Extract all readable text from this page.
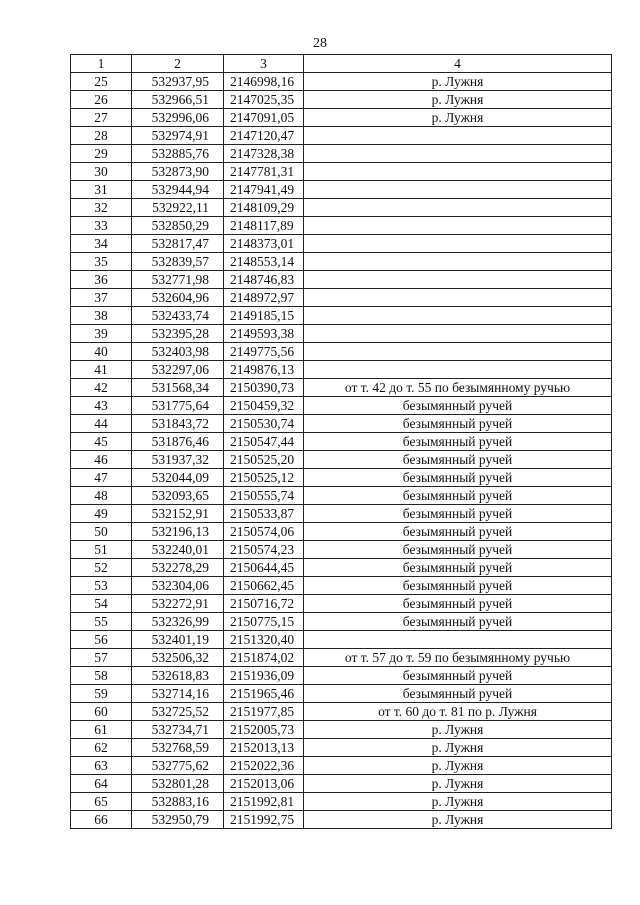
28
1	2	3	4
25	532937,95	2146998,16	р. Лужня
26	532966,51	2147025,35	р. Лужня
27	532996,06	2147091,05	р. Лужня
28	532974,91	2147120,47	
29	532885,76	2147328,38	
30	532873,90	2147781,31	
31	532944,94	2147941,49	
32	532922,11	2148109,29	
33	532850,29	2148117,89	
34	532817,47	2148373,01	
35	532839,57	2148553,14	
36	532771,98	2148746,83	
37	532604,96	2148972,97	
38	532433,74	2149185,15	
39	532395,28	2149593,38	
40	532403,98	2149775,56	
41	532297,06	2149876,13	
42	531568,34	2150390,73	от т. 42 до т. 55 по безымянному ручью
43	531775,64	2150459,32	безымянный ручей
44	531843,72	2150530,74	безымянный ручей
45	531876,46	2150547,44	безымянный ручей
46	531937,32	2150525,20	безымянный ручей
47	532044,09	2150525,12	безымянный ручей
48	532093,65	2150555,74	безымянный ручей
49	532152,91	2150533,87	безымянный ручей
50	532196,13	2150574,06	безымянный ручей
51	532240,01	2150574,23	безымянный ручей
52	532278,29	2150644,45	безымянный ручей
53	532304,06	2150662,45	безымянный ручей
54	532272,91	2150716,72	безымянный ручей
55	532326,99	2150775,15	безымянный ручей
56	532401,19	2151320,40	
57	532506,32	2151874,02	от т. 57 до т. 59 по безымянному ручью
58	532618,83	2151936,09	безымянный ручей
59	532714,16	2151965,46	безымянный ручей
60	532725,52	2151977,85	от т. 60 до т. 81 по р. Лужня
61	532734,71	2152005,73	р. Лужня
62	532768,59	2152013,13	р. Лужня
63	532775,62	2152022,36	р. Лужня
64	532801,28	2152013,06	р. Лужня
65	532883,16	2151992,81	р. Лужня
66	532950,79	2151992,75	р. Лужня
